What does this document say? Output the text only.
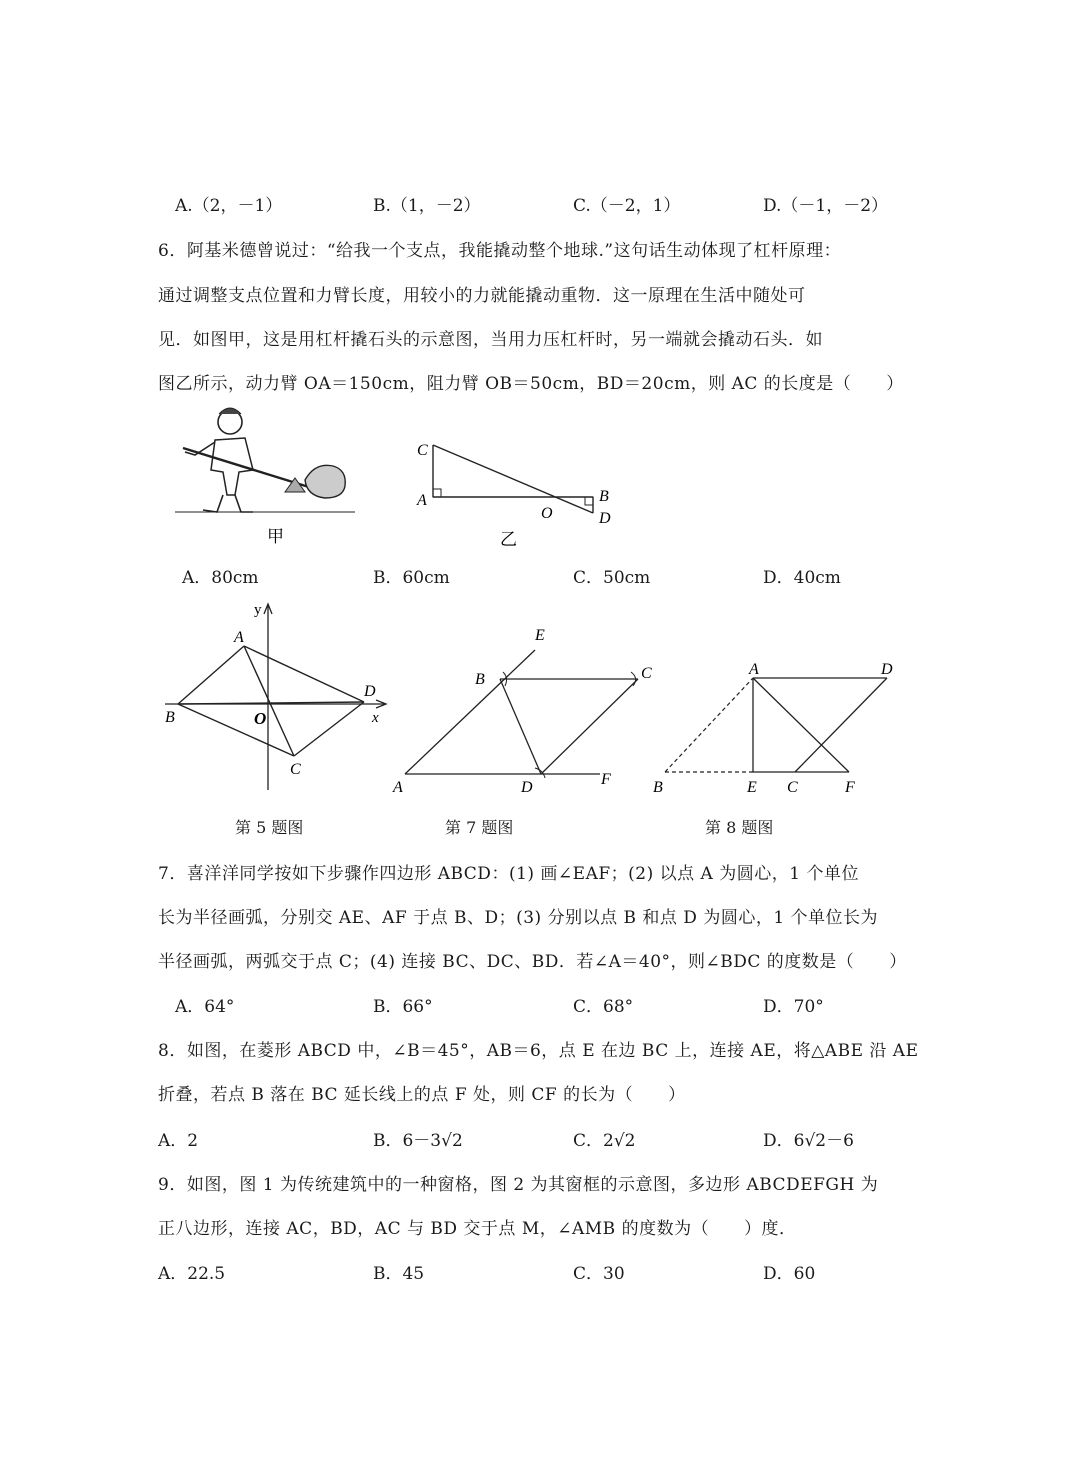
A.（2，－1）	B.（1，－2）	C.（－2，1）	D.（－1，－2）
6．阿基米德曾说过：“给我一个支点，我能撬动整个地球.”这句话生动体现了杠杆原理：
通过调整支点位置和力臂长度，用较小的力就能撬动重物．这一原理在生活中随处可
见．如图甲，这是用杠杆撬石头的示意图，当用力压杠杆时，另一端就会撬动石头．如
图乙所示，动力臂 OA＝150cm，阻力臂 OB＝50cm，BD＝20cm，则 AC 的长度是（　　）
甲
C
A
O
B
D
乙
A．80cm	B．60cm	C．50cm	D．40cm
y
A
B	O
D
x
C
E
B	C
A	D	F
A	D
B	E C	F
第 5 题图	第 7 题图	第 8 题图
7．喜洋洋同学按如下步骤作四边形 ABCD：(1) 画∠EAF；(2) 以点 A 为圆心，1 个单位
长为半径画弧，分别交 AE、AF 于点 B、D；(3) 分别以点 B 和点 D 为圆心，1 个单位长为
半径画弧，两弧交于点 C；(4) 连接 BC、DC、BD．若∠A＝40°，则∠BDC 的度数是（　　）
A．64°	B．66°	C．68°	D．70°
8．如图，在菱形 ABCD 中，∠B＝45°，AB＝6，点 E 在边 BC 上，连接 AE，将△ABE 沿 AE
折叠，若点 B 落在 BC 延长线上的点 F 处，则 CF 的长为（　　）
A．2	B．6－3√2	C．2√2	D．6√2－6
9．如图，图 1 为传统建筑中的一种窗格，图 2 为其窗框的示意图，多边形 ABCDEFGH 为
正八边形，连接 AC，BD，AC 与 BD 交于点 M，∠AMB 的度数为（　　）度．
A．22.5	B．45	C．30	D．60
